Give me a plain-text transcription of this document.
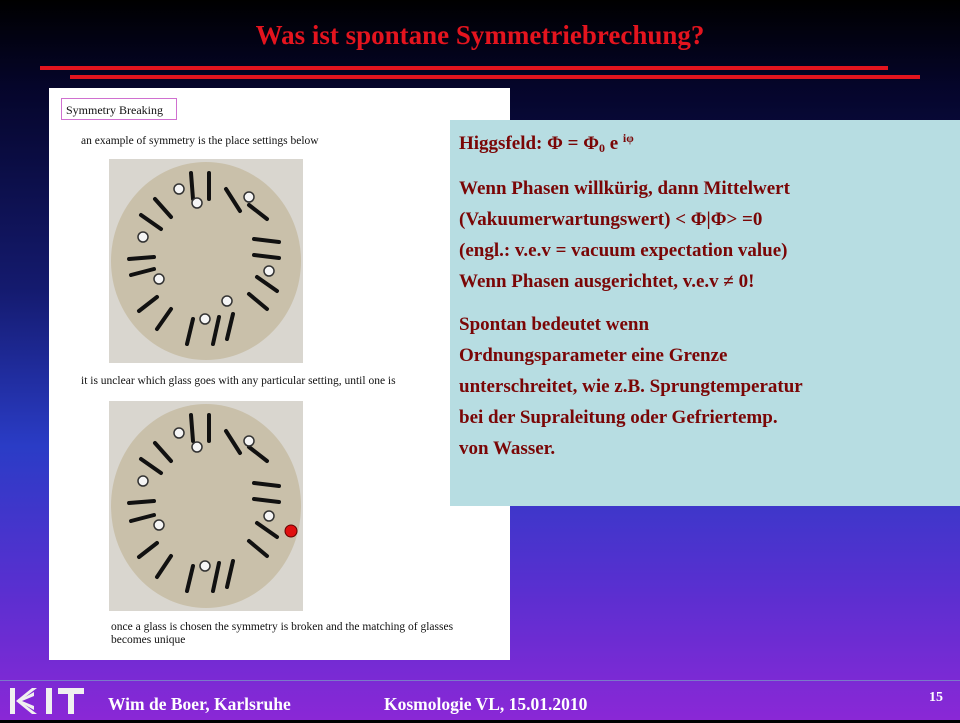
Was ist spontane Symmetriebrechung?
Symmetry Breaking
an example of symmetry is the place settings below
it is unclear which glass goes with any particular setting, until one is
once a glass is chosen the symmetry is broken and the matching of glasses becomes unique

Higgsfeld: $\Phi = \Phi_0$ e $^{i\varphi}$

Wenn Phasen willkürig, dann Mittelwert

(Vakuumerwartungswert) < Φ|Φ> =0

(engl.: v.e.v = vacuum expectation value)

Wenn Phasen ausgerichtet, v.e.v ≠ 0!

Spontan bedeutet wenn

Ordnungsparameter eine Grenze

unterschreitet, wie z.B. Sprungtemperatur

bei der Supraleitung oder Gefriertemp.

von Wasser.

Wim de Boer, Karlsruhe	Kosmologie VL, 15.01.2010	15
